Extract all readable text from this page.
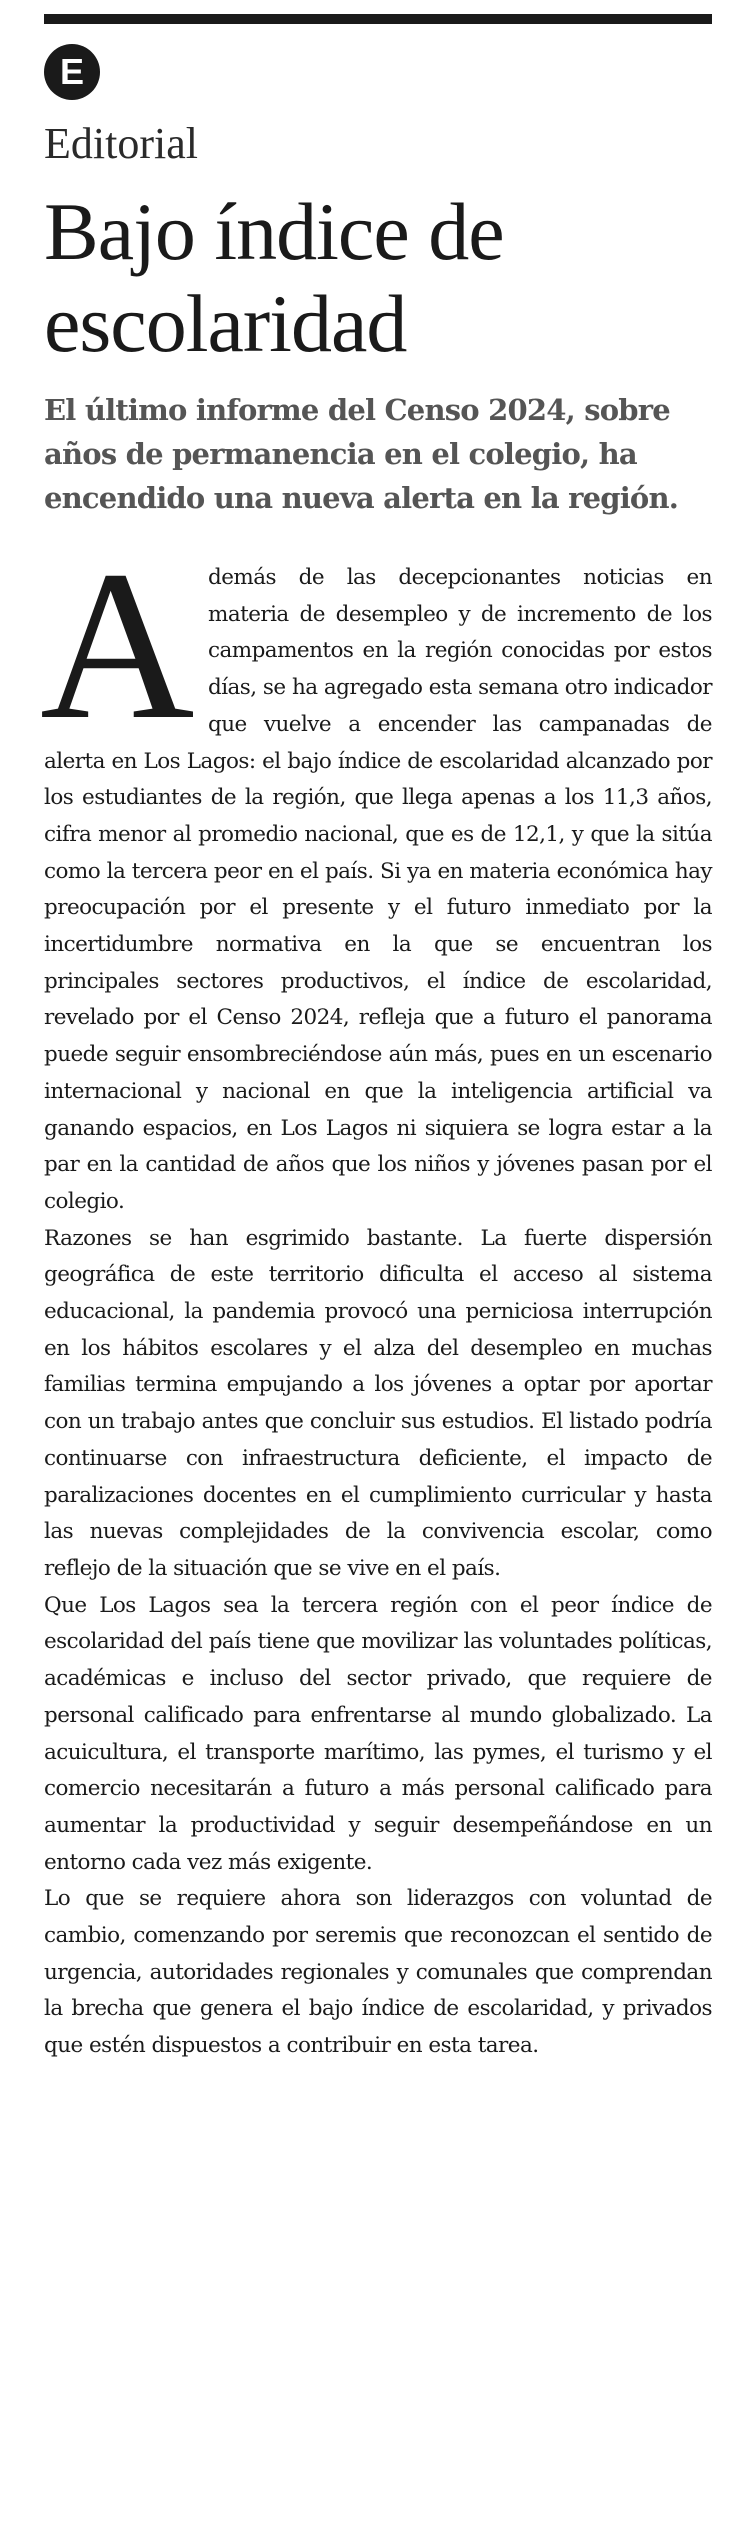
E
Editorial
Bajo índice de escolaridad

El último informe del Censo 2024, sobre años de permanencia en el colegio, ha encendido una nueva alerta en la región.

A demás de las decepcionantes noticias en materia de desempleo y de incremento de los campamentos en la región conocidas por estos días, se ha agregado esta semana otro indicador que vuelve a encender las campanadas de alerta en Los Lagos: el bajo índice de escolaridad alcanzado por los estudiantes de la región, que llega apenas a los 11,3 años, cifra menor al promedio nacional, que es de 12,1, y que la sitúa como la tercera peor en el país. Si ya en materia económica hay preocupación por el presente y el futuro inmediato por la incertidumbre normativa en la que se encuentran los principales sectores productivos, el índice de escolaridad, revelado por el Censo 2024, refleja que a futuro el panorama puede seguir ensombreciéndose aún más, pues en un escenario internacional y nacional en que la inteligencia artificial va ganando espacios, en Los Lagos ni siquiera se logra estar a la par en la cantidad de años que los niños y jóvenes pasan por el colegio.

Razones se han esgrimido bastante. La fuerte dispersión geográfica de este territorio dificulta el acceso al sistema educacional, la pandemia provocó una perniciosa interrupción en los hábitos escolares y el alza del desempleo en muchas familias termina empujando a los jóvenes a optar por aportar con un trabajo antes que concluir sus estudios. El listado podría continuarse con infraestructura deficiente, el impacto de paralizaciones docentes en el cumplimiento curricular y hasta las nuevas complejidades de la convivencia escolar, como reflejo de la situación que se vive en el país.

Que Los Lagos sea la tercera región con el peor índice de escolaridad del país tiene que movilizar las voluntades políticas, académicas e incluso del sector privado, que requiere de personal calificado para enfrentarse al mundo globalizado. La acuicultura, el transporte marítimo, las pymes, el turismo y el comercio necesitarán a futuro a más personal calificado para aumentar la productividad y seguir desempeñándose en un entorno cada vez más exigente.

Lo que se requiere ahora son liderazgos con voluntad de cambio, comenzando por seremis que reconozcan el sentido de urgencia, autoridades regionales y comunales que comprendan la brecha que genera el bajo índice de escolaridad, y privados que estén dispuestos a contribuir en esta tarea.
